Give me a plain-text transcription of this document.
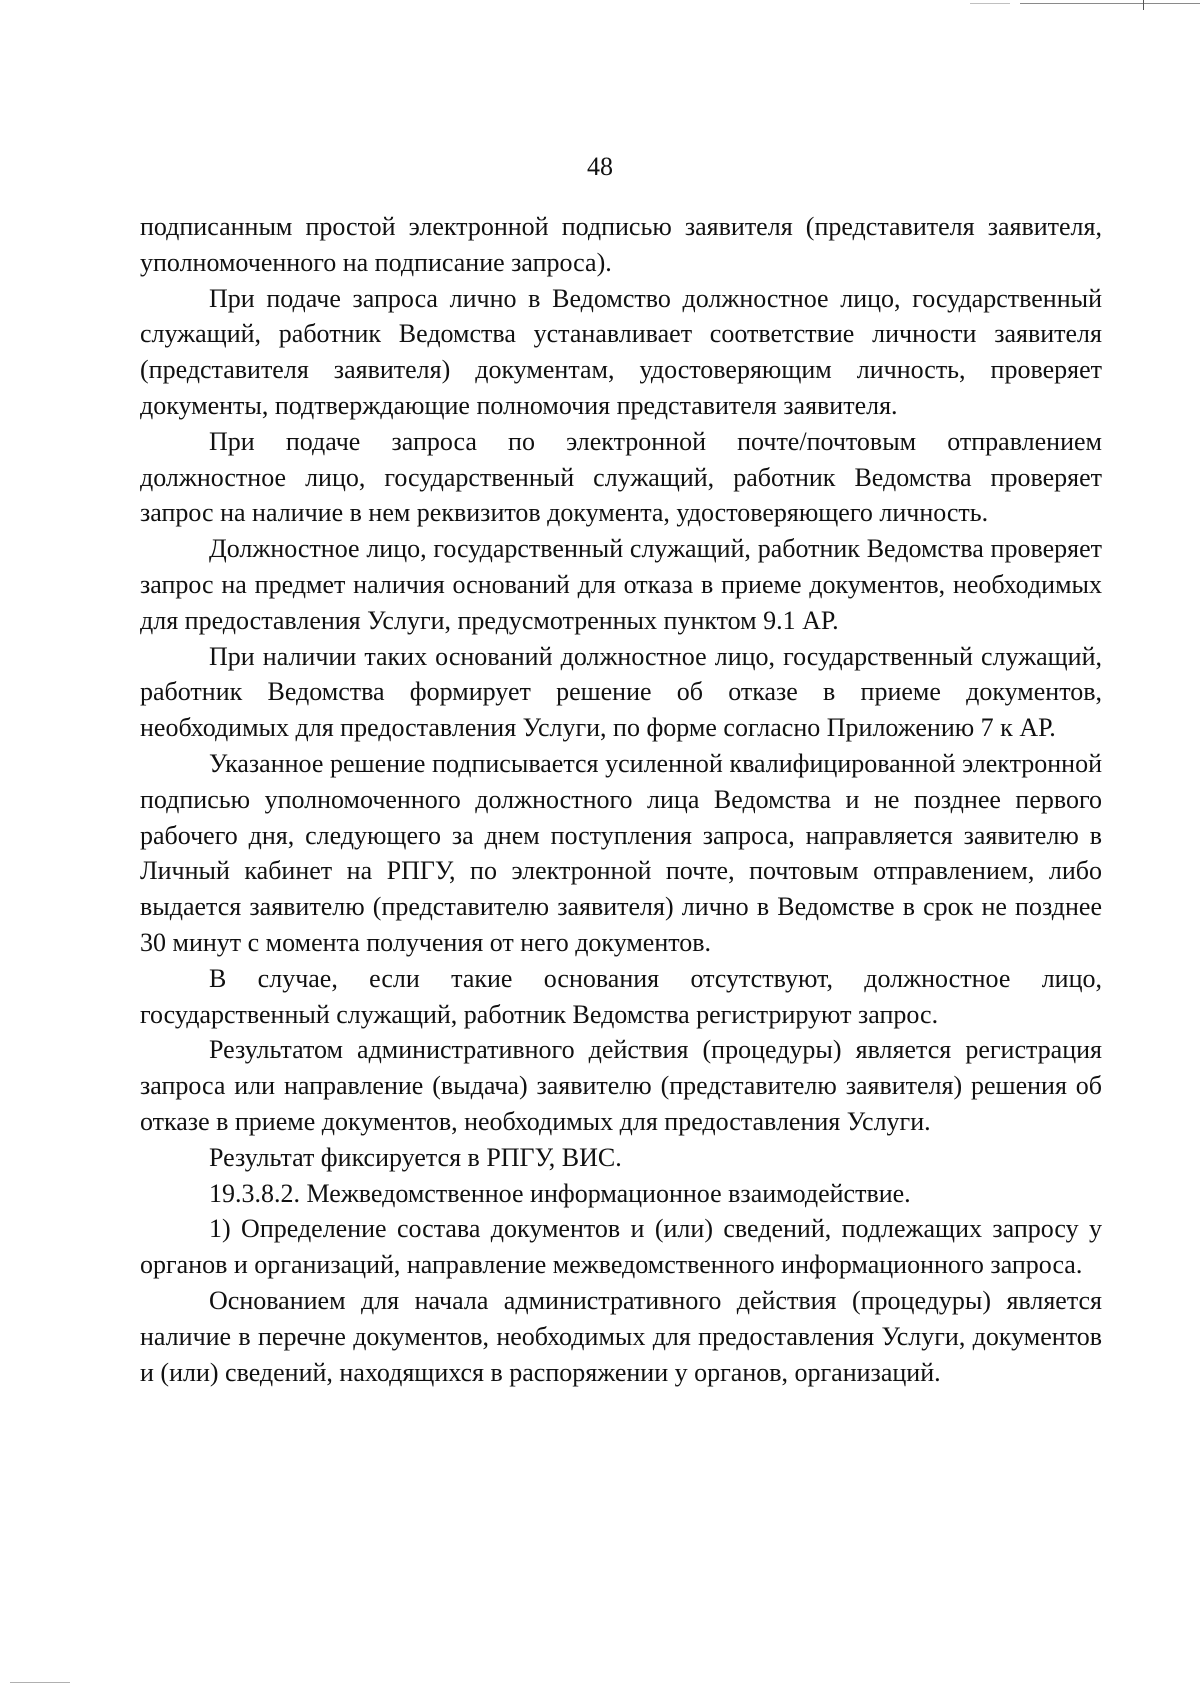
48

подписанным простой электронной подписью заявителя (представителя заявителя, уполномоченного на подписание запроса).

При подаче запроса лично в Ведомство должностное лицо, государственный служащий, работник Ведомства устанавливает соответствие личности заявителя (представителя заявителя) документам, удостоверяющим личность, проверяет документы, подтверждающие полномочия представителя заявителя.

При подаче запроса по электронной почте/почтовым отправлением должностное лицо, государственный служащий, работник Ведомства проверяет запрос на наличие в нем реквизитов документа, удостоверяющего личность.

Должностное лицо, государственный служащий, работник Ведомства проверяет запрос на предмет наличия оснований для отказа в приеме документов, необходимых для предоставления Услуги, предусмотренных пунктом 9.1 АР.

При наличии таких оснований должностное лицо, государственный служащий, работник Ведомства формирует решение об отказе в приеме документов, необходимых для предоставления Услуги, по форме согласно Приложению 7 к АР.

Указанное решение подписывается усиленной квалифицированной электронной подписью уполномоченного должностного лица Ведомства и не позднее первого рабочего дня, следующего за днем поступления запроса, направляется заявителю в Личный кабинет на РПГУ, по электронной почте, почтовым отправлением, либо выдается заявителю (представителю заявителя) лично в Ведомстве в срок не позднее 30 минут с момента получения от него документов.

В случае, если такие основания отсутствуют, должностное лицо, государственный служащий, работник Ведомства регистрируют запрос.

Результатом административного действия (процедуры) является регистрация запроса или направление (выдача) заявителю (представителю заявителя) решения об отказе в приеме документов, необходимых для предоставления Услуги.

Результат фиксируется в РПГУ, ВИС.

19.3.8.2. Межведомственное информационное взаимодействие.

1) Определение состава документов и (или) сведений, подлежащих запросу у органов и организаций, направление межведомственного информационного запроса.

Основанием для начала административного действия (процедуры) является наличие в перечне документов, необходимых для предоставления Услуги, документов и (или) сведений, находящихся в распоряжении у органов, организаций.
